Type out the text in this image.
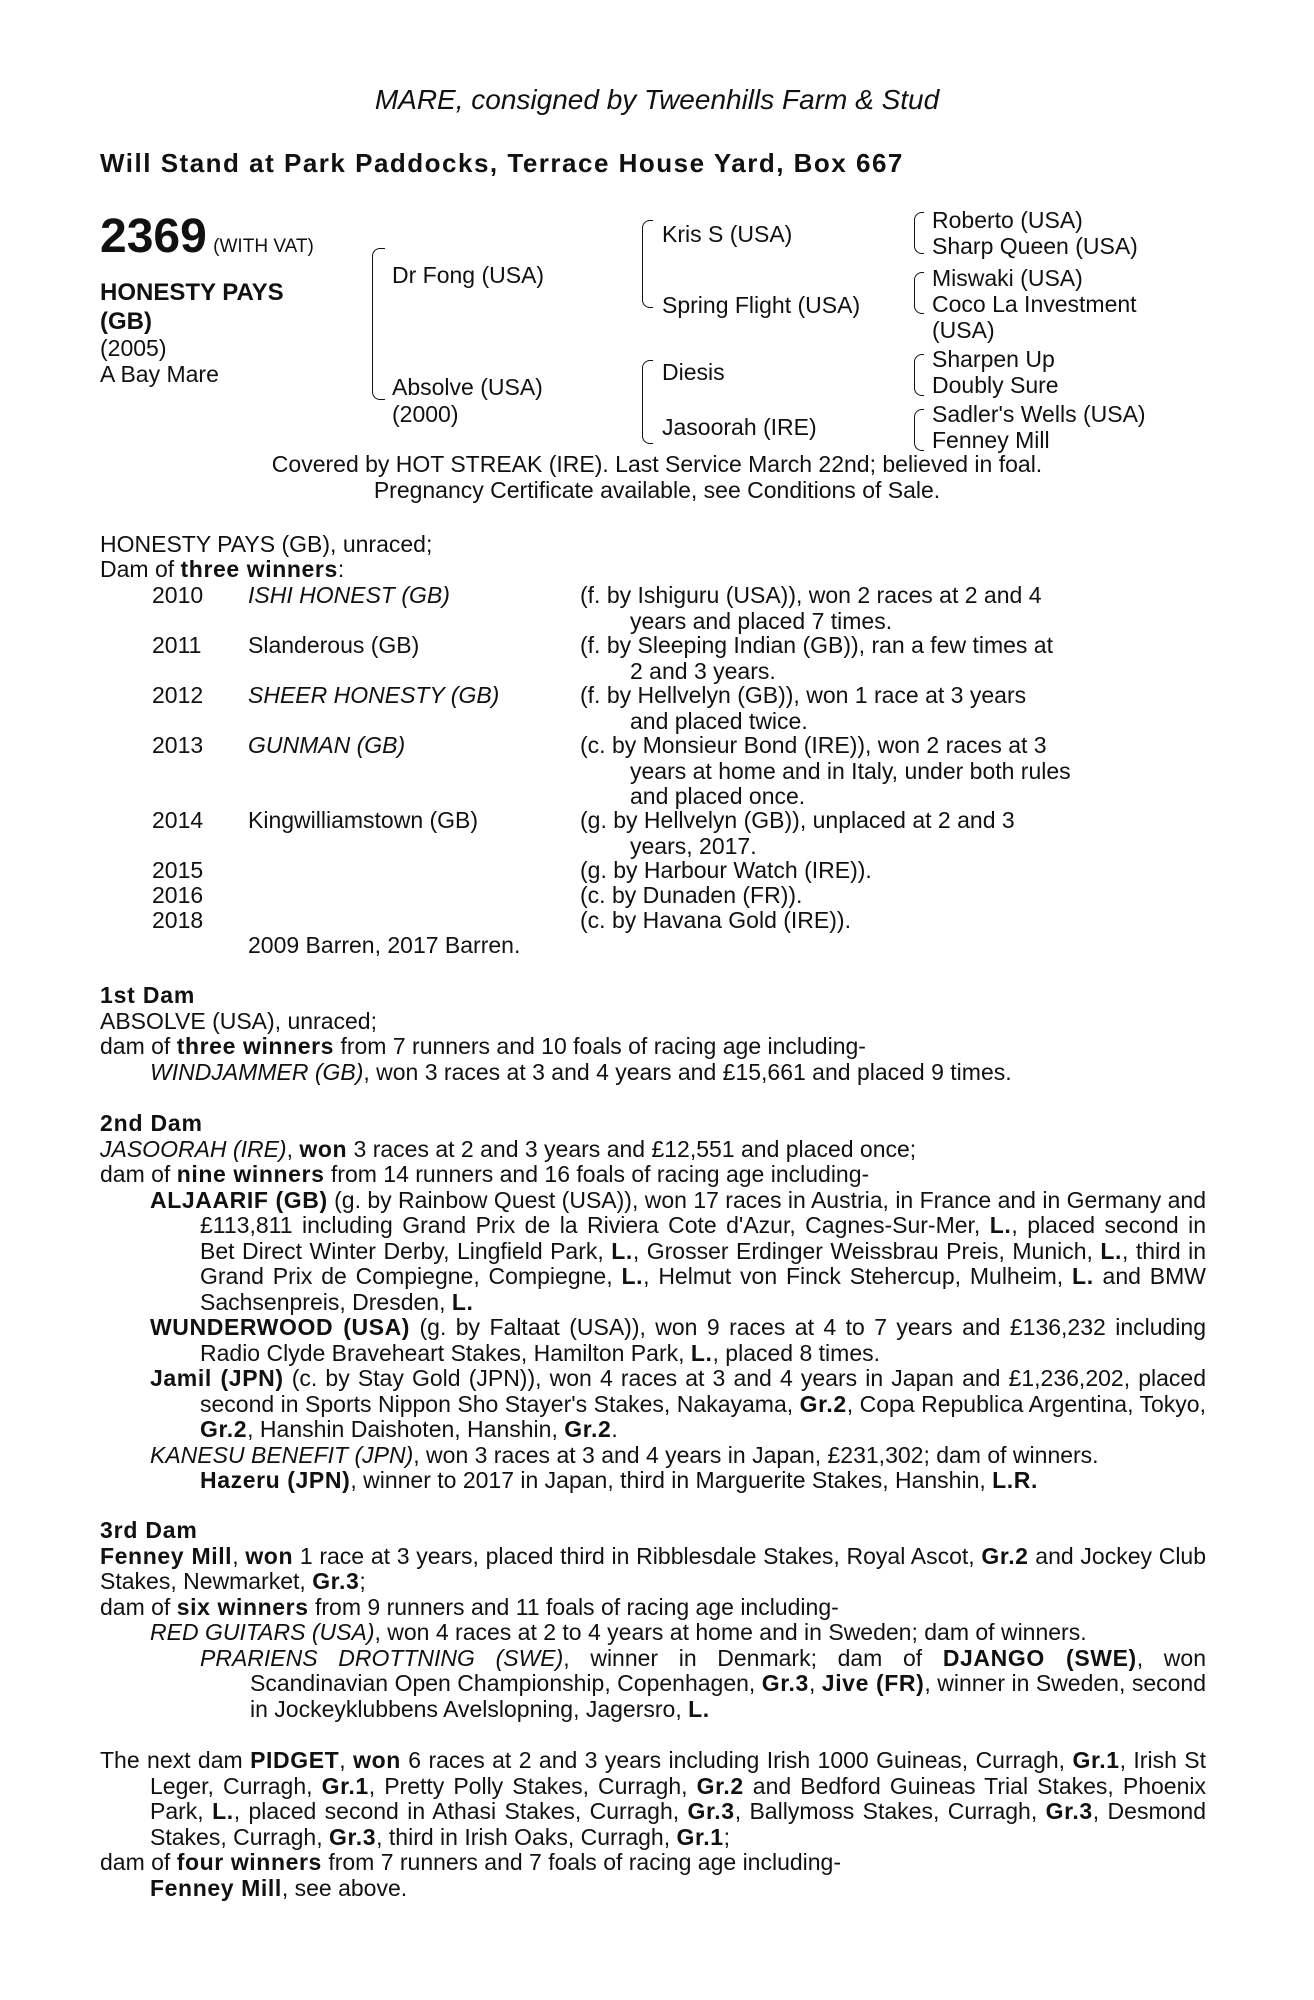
MARE, consigned by Tweenhills Farm & Stud
Will Stand at Park Paddocks, Terrace House Yard, Box 667
2369 (WITH VAT)
HONESTY PAYS
(GB)
(2005)
A Bay Mare
Dr Fong (USA)
Absolve (USA)
(2000)
Kris S (USA)
Spring Flight (USA)
Diesis
Jasoorah (IRE)
Roberto (USA)
Sharp Queen (USA)
Miswaki (USA)
Coco La Investment
(USA)
Sharpen Up
Doubly Sure
Sadler's Wells (USA)
Fenney Mill
Covered by HOT STREAK (IRE). Last Service March 22nd; believed in foal.
Pregnancy Certificate available, see Conditions of Sale.
HONESTY PAYS (GB), unraced;
Dam of three winners:
2010 ISHI HONEST (GB)	(f. by Ishiguru (USA)), won 2 races at 2 and 4
years and placed 7 times.
2011 Slanderous (GB)	(f. by Sleeping Indian (GB)), ran a few times at
2 and 3 years.
2012 SHEER HONESTY (GB)	(f. by Hellvelyn (GB)), won 1 race at 3 years
and placed twice.
2013 GUNMAN (GB)	(c. by Monsieur Bond (IRE)), won 2 races at 3
years at home and in Italy, under both rules
and placed once.
2014 Kingwilliamstown (GB)	(g. by Hellvelyn (GB)), unplaced at 2 and 3
years, 2017.
2015	(g. by Harbour Watch (IRE)).
2016	(c. by Dunaden (FR)).
2018	(c. by Havana Gold (IRE)).
2009 Barren, 2017 Barren.
1st Dam
ABSOLVE (USA), unraced;
dam of three winners from 7 runners and 10 foals of racing age including-
WINDJAMMER (GB), won 3 races at 3 and 4 years and £15,661 and placed 9 times.
2nd Dam
JASOORAH (IRE), won 3 races at 2 and 3 years and £12,551 and placed once;
dam of nine winners from 14 runners and 16 foals of racing age including-
ALJAARIF (GB) (g. by Rainbow Quest (USA)), won 17 races in Austria, in France and in Germany and £113,811 including Grand Prix de la Riviera Cote d'Azur, Cagnes-Sur-Mer, L., placed second in Bet Direct Winter Derby, Lingfield Park, L., Grosser Erdinger Weissbrau Preis, Munich, L., third in Grand Prix de Compiegne, Compiegne, L., Helmut von Finck Stehercup, Mulheim, L. and BMW Sachsenpreis, Dresden, L.
WUNDERWOOD (USA) (g. by Faltaat (USA)), won 9 races at 4 to 7 years and £136,232 including Radio Clyde Braveheart Stakes, Hamilton Park, L., placed 8 times.
Jamil (JPN) (c. by Stay Gold (JPN)), won 4 races at 3 and 4 years in Japan and £1,236,202, placed second in Sports Nippon Sho Stayer's Stakes, Nakayama, Gr.2, Copa Republica Argentina, Tokyo, Gr.2, Hanshin Daishoten, Hanshin, Gr.2.
KANESU BENEFIT (JPN), won 3 races at 3 and 4 years in Japan, £231,302; dam of winners.
Hazeru (JPN), winner to 2017 in Japan, third in Marguerite Stakes, Hanshin, L.R.
3rd Dam
Fenney Mill, won 1 race at 3 years, placed third in Ribblesdale Stakes, Royal Ascot, Gr.2 and Jockey Club Stakes, Newmarket, Gr.3;
dam of six winners from 9 runners and 11 foals of racing age including-
RED GUITARS (USA), won 4 races at 2 to 4 years at home and in Sweden; dam of winners.
PRARIENS DROTTNING (SWE), winner in Denmark; dam of DJANGO (SWE), won Scandinavian Open Championship, Copenhagen, Gr.3, Jive (FR), winner in Sweden, second in Jockeyklubbens Avelslopning, Jagersro, L.
The next dam PIDGET, won 6 races at 2 and 3 years including Irish 1000 Guineas, Curragh, Gr.1, Irish St Leger, Curragh, Gr.1, Pretty Polly Stakes, Curragh, Gr.2 and Bedford Guineas Trial Stakes, Phoenix Park, L., placed second in Athasi Stakes, Curragh, Gr.3, Ballymoss Stakes, Curragh, Gr.3, Desmond Stakes, Curragh, Gr.3, third in Irish Oaks, Curragh, Gr.1;
dam of four winners from 7 runners and 7 foals of racing age including-
Fenney Mill, see above.
